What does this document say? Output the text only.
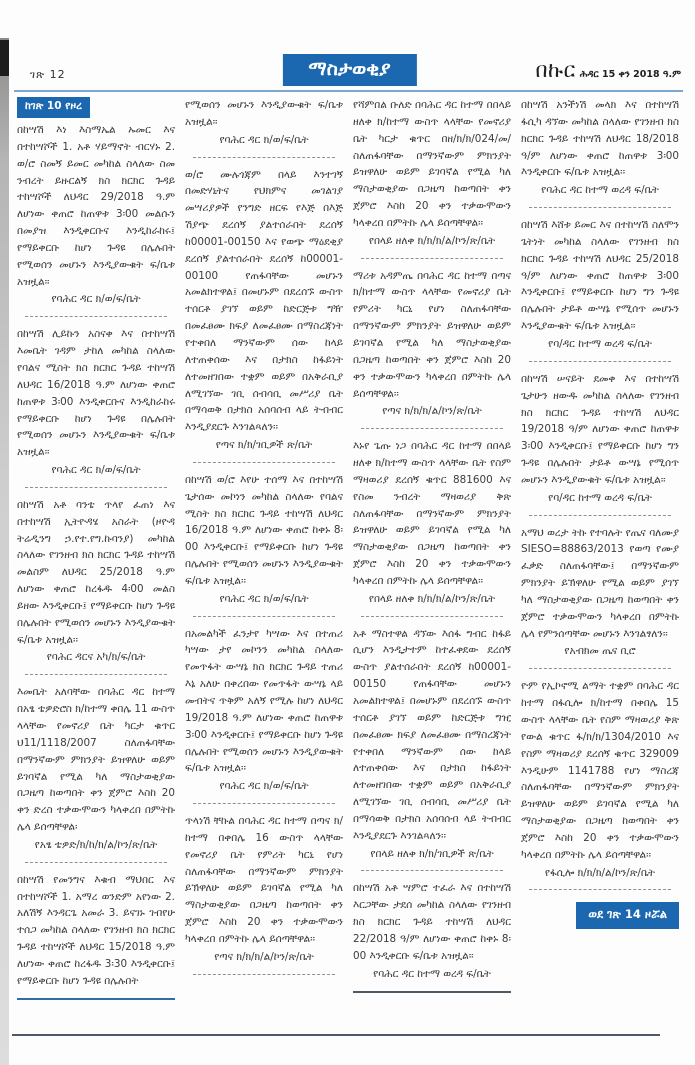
ገጽ 12	ማስታወቂያ	በኩር ሕዳር 15 ቀን 2018 ዓ.ም
ከገጽ 10 የዞረ

በከሣሽ እነ እስማኤል ኡመር እና በተከሣሾች 1. አቶ ሃይማኖት ብርሃኑ 2. ወ/ሮ ስመኝ ይመር መካከል ስላለው ስመ ንብረት ይዙርልኝ ክስ ክርክር ጉዳይ ተከሣሾች ለህዳር 29/2018 ዓ.ም ለሆነው ቀጠሮ ከጠዋቱ 3፡00 መልሱን በመያዝ እንዲቀርቡና እንዲከራከሩ፤ የማይቀርቡ ከሆነ ጉዳዩ በሌሉበት የሚወሰን መሆኑን እንዲያውቁት ፍ/ቤቱ አዝዟል፡፡

የባሕር ዳር ክ/ወ/ፍ/ቤት

በከሣሽ ሊይኩን አስናቀ እና በተከሣሽ እመቤት ገዳም ታከለ መካከል ስላለው የባልና ሚስት ክስ ክርክር ጉዳይ ተከሣሽ ለህዳር 16/2018 ዓ.ም ለሆነው ቀጠሮ ከጠዋቱ 3፡00 እንዲቀርቡና እንዲከራከሩ የማይቀርቡ ከሆነ ጉዳዩ በሌሉበት የሚወሰን መሆኑን እንዲያውቁት ፍ/ቤቱ አዝዟል፡፡

የባሕር ዳር ክ/ወ/ፍ/ቤት

በከሣሽ አቶ ባንቴ ጥላየ ፈጠነ እና በተከሣሽ ኢትዮዳሄ አስራት (ዞዮዳ ትሬዲንግ ኃ.የተ.የግ.ኩባንያ) መካከል ስላለው የገንዘብ ክስ ክርክር ጉዳይ ተከሣሽ መልስም ለህዳር 25/2018 ዓ.ም ለሆነው ቀጠሮ ከረፋዱ 4፡00 መልስ ይዘው እንዲቀርቡ፤ የማይቀርቡ ከሆነ ጉዳዩ በሌሉበት የሚወሰን መሆኑን እንዲያውቁት ፍ/ቤቱ አዝዟል፡፡

የባሕር ዳርና አካ/ክ/ፍ/ቤት

እመቤት አለባቸው በባሕር ዳር ከተማ በአፄ ቴዎድሮስ ክ/ከተማ ቀበሌ 11 ውስጥ ላላቸው የመኖሪያ ቤት ካርታ ቁጥር ህ11/1118/2007 ስለጠፋባቸው በማንኛውም ምክንያት ይዝዋለሁ ወይም ይገባኛል የሚል ካለ ማስታወቂያው በጋዜጣ ከወጣበት ቀን ጀምሮ እስከ 20 ቀን ድረስ ተቃውሞውን ካላቀረበ በምትኩ ሌላ ይሰጣቸዋል፡

የአፄ ቴዎድ/ክ/ከ/ክ/ል/ኮን/ጽ/ቤት

በከሣሽ የመንግና እቁብ ማህበር እና በተከሣሾች 1. አማረ ወንድም አየነው 2. አለሽኝ እንዳርጌ አመራ 3. ይናገኑ ገብየሁ ተሰጋ መካከል ስላለው የገንዘብ ክስ ክርክር ጉዳይ ተከሣሾች ለህዳር 15/2018 ዓ.ም ለሆነው ቀጠሮ ከረፋዱ 3፡30 እንዲቀርቡ፤ የማይቀርቡ ከሆነ ጉዳዩ በሌሉበት

የሚወሰን መሆኑን እንዲያውቁት ፍ/ቤቱ አዝዟል፡፡

የባሕር ዳር ክ/ወ/ፍ/ቤት

ወ/ሮ ሙሉጎጃም በላይ እንተገኝ በመድሃኒትና የህክምና መገልገያ መሣሪያዎች የንግድ ዘርፍ የእጅ በእጅ ሽያጭ ደረሰኝ ያልተሰራበት ደረሰኝ ከ00001-00150 እና የወጭ ማዕደቂያ ደረሰኝ ያልተሰራበት ደረሰኝ ከ00001-00100 የጠፋባቸው መሆኑን አመልክተዋል፤ በመሆኑም በደረሰኙ ውስጥ ተሰርቶ ያገኘ ወይም ከድርጅቱ ግዥ በመፈፀሙ ክፍያ ለመፈፀሙ በማስረጃነት የተቀበለ ማንኛውም ሰው ከላይ ለተጠቀሰው እና በታክስ ከፋይነት ለተመዘገበው ተቋም ወይም በአቅራቢያ ለሚገኘው ገቢ ሰብሳቢ መሥሪያ ቤት በማሳወቅ በታክስ አሰባሰብ ላይ ትብብር እንዲያደርጉ እንገልጻለን፡፡

የጣና ክ/ክ/ገቢዎች ጽ/ቤት

በከሣሽ ወ/ሮ እየሁ ተሰማ እና በተከሣሽ ጌታሰው መኮነን መካከል ስላለው የባልና ሚስት ክስ ክርክር ጉዳይ ተከሣሽ ለህዳር 16/2018 ዓ.ም ለሆነው ቀጠሮ ከቀኑ 8፡00 እንዲቀርቡ፤ የማይቀርቡ ከሆነ ጉዳዩ በሌሉበት የሚወሰን መሆኑን እንዲያውቁት ፍ/ቤቱ አዝዟል፡፡

የባሕር ዳር ክ/ወ/ፍ/ቤት

በአመልካች ፈንታየ ካሣው እና በተጠሪ ካሣው ታየ መኮንን መካከል ስላለው የመጥፋት ውሣኔ ክስ ክርክር ጉዳይ ተጠሪ እኔ አለሁ በቀረበው የመጥፋት ውሣኔ ላይ መብትና ጥቅም አለኝ የሚሉ ከሆነ ለህዳር 19/2018 ዓ.ም ለሆነው ቀጠሮ ከጠዋቱ 3፡00 እንዲቀርቡ፤ የማይቀርቡ ከሆነ ጉዳዩ በሌሉበት የሚወሰን መሆኑን እንዲያውቁት ፍ/ቤቱ አዝዟል፡፡

የባሕር ዳር ክ/ወ/ፍ/ቤት

ጥላነሽ ቸኩል በባሕር ዳር ከተማ በጣና ክ/ከተማ በቀበሌ 16 ውስጥ ላላቸው የመኖሪያ ቤት የምሪት ካርኒ የሆነ ስለጠፋባቸው በማንኛውም ምክንያት ይኽዋለሁ ወይም ይገባኛል የሚል ካለ ማስታወቂያው በጋዜጣ ከወጣበት ቀን ጀምሮ እስከ 20 ቀን ተቃውሞውን ካላቀረበ በምትኩ ሌላ ይሰጣቸዋል፡፡

የጣና ክ/ክ/ክ/ል/ኮን/ጽ/ቤት

የሻምበል ቡለድ በባሕር ዳር ከተማ በበላይ ዘለቀ ክ/ከተማ ውስጥ ላላቸው የመኖሪያ ቤት ካርታ ቁጥር በዘ/ክ/ክ/024/መ/ስለጠፋባቸው በማንኛውም ምክንያት ይዝዋለሁ ወይም ይገባኛል የሚል ካለ ማስታወቂያው በጋዜጣ ከወጣበት ቀን ጀምሮ እስከ 20 ቀን ተቃውሞውን ካላቀረበ በምትኩ ሌላ ይሰጣቸዋል፡፡

የበላይ ዘለቀ ክ/ክ/ክ/ል/ኮን/ጽ/ቤት

ማሪቱ አዳምጤ በባሕር ዳር ከተማ በጣና ክ/ከተማ ውስጥ ላላቸው የመኖሪያ ቤት የምሪት ካርኒ የሆነ ስለጠፋባቸው በማንኛውም ምክንያት ይዝዋለሁ ወይም ይገባኛል የሚል ካለ ማስታወቂያው በጋዜጣ ከወጣበት ቀን ጀምሮ እስከ 20 ቀን ተቃውሞውን ካላቀረበ በምትኩ ሌላ ይሰጣቸዋል፡፡

የጣና ክ/ክ/ክ/ል/ኮን/ጽ/ቤት

እኑየ ጌጡ ነጋ በባሕር ዳር ከተማ በበላይ ዘለቀ ክ/ከተማ ውስጥ ላላቸው ቤት የስም ማዛወሪያ ደረሰኝ ቁጥር 881600 እና የስመ ንብረት ማዛወሪያ ቅጽ ስለጠፋባቸው በማንኛውም ምክንያት ይዝዋለሁ ወይም ይገባኛል የሚል ካለ ማስታወቂያው በጋዜጣ ከወጣበት ቀን ጀምሮ እስከ 20 ቀን ተቃውሞውን ካላቀረበ በምትኩ ሌላ ይሰጣቸዋል፡፡

የበላይ ዘለቀ ክ/ክ/ክ/ል/ኮን/ጽ/ቤት

አቶ ማስተዋል ዳኘው እሰፋ ግብር ከፋይ ሲሆን እንዲታተም ከተፈቀደው ደረሰኝ ውስጥ ያልተሰራበት ደረሰኝ ከ00001-00150 የጠፋባቸው መሆኑን አመልክተዋል፤ በመሆኑም በደረሰኙ ውስጥ ተሰርቶ ያገኘ ወይም ከድርጅቱ ግዢ በመፈፀሙ ክፍያ ለመፈፀሙ በማስረጃነት የተቀበለ ማንኛውም ሰው ከላይ ለተጠቀሰው እና በታክስ ከፋይነት ለተመዘገበው ተቋም ወይም በአቅራቢያ ለሚገኘው ገቢ ሰብሳቢ መሥሪያ ቤት በማሳወቅ በታክስ አሰባሰብ ላይ ትብብር እንዲያደርጉ እንገልጻለን፡፡

የበላይ ዘለቀ ክ/ክ/ገቢዎች ጽ/ቤት

በከሣሽ አቶ ሣምሮ ተፈራ እና በተከሣሽ እርጋቸው ታደሰ መካከል ስላለው የገንዘብ ክስ ክርክር ጉዳይ ተከሣሽ ለህዳር 22/2018 ዓ/ም ለሆነው ቀጠሮ ከቀኑ 8፡00 እንዲቀርቡ ፍ/ቤቱ አዝዟል፡፡

የባሕር ዳር ከተማ ወረዳ ፍ/ቤት

በከሣሽ አንችነሽ መላክ እና በተከሣሽ ፋሲካ ዳኘው መካከል ስላለው የገንዘብ ክስ ክርክር ጉዳይ ተከሣሽ ለህዳር 18/2018 ዓ/ም ለሆነው ቀጠሮ ከጠዋቱ 3፡00 እንዲቀርቡ ፍ/ቤቱ አዝዟል፡፡

የባሕር ዳር ከተማ ወረዳ ፍ/ቤት

በከሣሽ እሸቱ ይመር እና በተከሣሽ ስለሞን ጌትነት መካከል ስላለው የገንዘብ ክስ ክርክር ጉዳይ ተከሣሽ ለህዳር 25/2018 ዓ/ም ለሆነው ቀጠሮ ከጠዋቱ 3፡00 እንዲቀርቡ፤ የማይቀርቡ ከሆነ ግን ጉዳዩ በሌሉበት ታይቶ ውሣኔ የሚሰጥ መሆኑን እንዲያውቁት ፍ/ቤቱ አዝዟል፡፡

የባ/ዳር ከተማ ወረዳ ፍ/ቤት

በከሣሽ ሠናይት ደመቀ እና በተከሣሽ ጌታሁን ዘውዱ መካከል ስላለው የገንዘብ ክስ ክርክር ጉዳይ ተከሣሽ ለህዳር 19/2018 ዓ/ም ለሆነው ቀጠሮ ከጠዋቱ 3፡00 እንዲቀርቡ፤ የማይቀርቡ ከሆነ ግን ጉዳዩ በሌሉበት ታይቶ ውሣኔ የሚሰጥ መሆኑን እንዲያውቁት ፍ/ቤቱ አዝዟል፡፡

የባ/ዳር ከተማ ወረዳ ፍ/ቤት

አማህ ወረታ ትኩ የተባሉት የጤና ባለሙያ SIESO=88863/2013 የወጣ የሙያ ፈቃድ ስለጠፋባቸው፤ በማንኛውም ምክንያት ይኽዋለሁ የሚል ወይም ያገኘ ካለ ማስታወቂያው በጋዜጣ ከወጣበት ቀን ጀምሮ ተቃውሞውን ካላቀረበ በምትኩ ሌላ የምንሰጣቸው መሆኑን እንገልፃለን፡፡

የአብክመ ጤና ቢሮ

ዮም የኢኮኖሚ ልማት ተቋም በባሕር ዳር ከተማ በፋሲሎ ክ/ከተማ በቀበሌ 15 ውስጥ ላላቸው ቤት የስም ማዛወሪያ ቅጽ የውል ቁጥር ፋ/ክ/ክ/1304/2010 እና የስም ማዛወሪያ ደረሰኝ ቁጥር 329009 እንዲሁም 1141788 የሆነ ማስረጃ ስለጠፋባቸው በማንኛውም ምክንያት ይዝዋለሁ ወይም ይገባኛል የሚል ካለ ማስታወቂያው በጋዜጣ ከወጣበት ቀን ጀምሮ እስከ 20 ቀን ተቃውሞውን ካላቀረበ በምትኩ ሌላ ይሰጣቸዋል፡፡

የፋሲሎ ክ/ክ/ክ/ል/ኮን/ጽ/ቤት

ወደ ገጽ 14 ዞሯል
